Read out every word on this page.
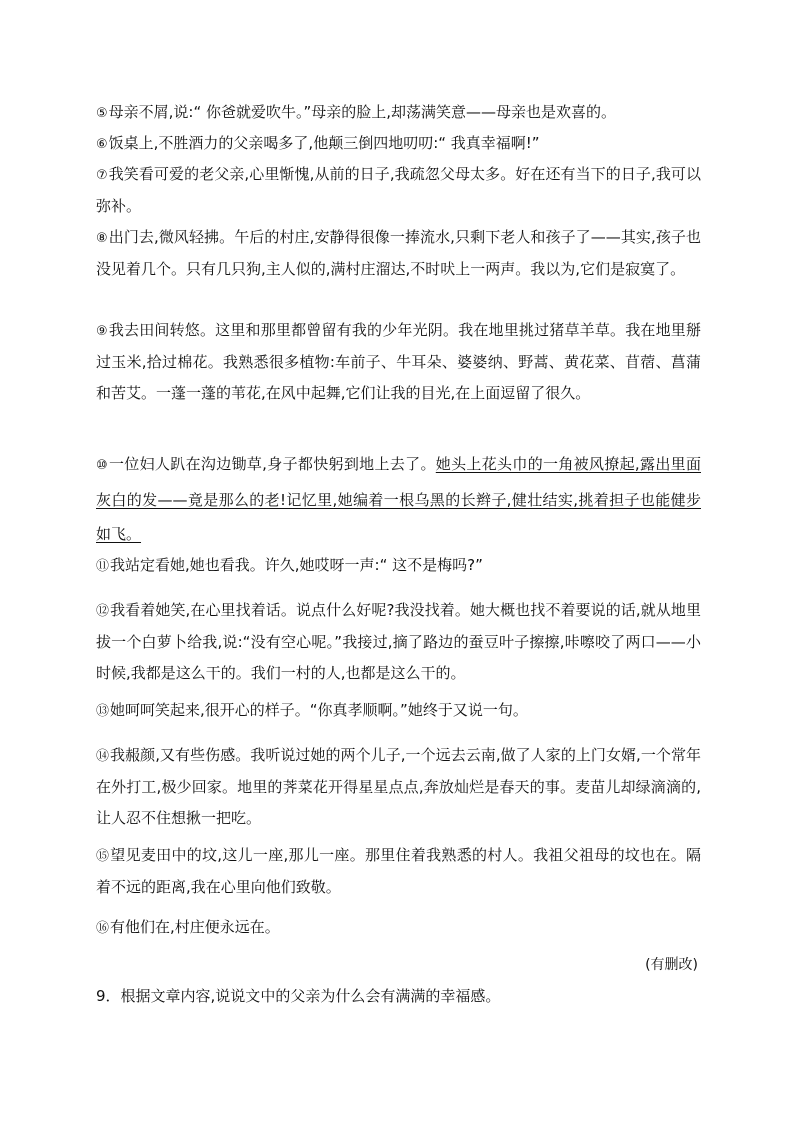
⑤母亲不屑,说:“ 你爸就爱吹牛。”母亲的脸上,却荡满笑意——母亲也是欢喜的。

⑥饭桌上,不胜酒力的父亲喝多了,他颠三倒四地叨叨:“ 我真幸福啊!”

⑦我笑看可爱的老父亲,心里惭愧,从前的日子,我疏忽父母太多。好在还有当下的日子,我可以弥补。

⑧出门去,微风轻拂。午后的村庄,安静得很像一捧流水,只剩下老人和孩子了——其实,孩子也没见着几个。只有几只狗,主人似的,满村庄溜达,不时吠上一两声。我以为,它们是寂寞了。

⑨我去田间转悠。这里和那里都曾留有我的少年光阴。我在地里挑过猪草羊草。我在地里掰过玉米,拾过棉花。我熟悉很多植物:车前子、牛耳朵、婆婆纳、野蒿、黄花菜、苜蓿、菖蒲和苦艾。一蓬一蓬的苇花,在风中起舞,它们让我的目光,在上面逗留了很久。

⑩一位妇人趴在沟边锄草,身子都快躬到地上去了。她头上花头巾的一角被风撩起,露出里面灰白的发——竟是那么的老!记忆里,她编着一根乌黑的长辫子,健壮结实,挑着担子也能健步如飞。

⑪我站定看她,她也看我。许久,她哎呀一声:“ 这不是梅吗?”

⑫我看着她笑,在心里找着话。说点什么好呢?我没找着。她大概也找不着要说的话,就从地里拔一个白萝卜给我,说:“没有空心呢。”我接过,摘了路边的蚕豆叶子擦擦,咔嚓咬了两口——小时候,我都是这么干的。我们一村的人,也都是这么干的。

⑬她呵呵笑起来,很开心的样子。“你真孝顺啊。”她终于又说一句。

⑭我赧颜,又有些伤感。我听说过她的两个儿子,一个远去云南,做了人家的上门女婿,一个常年在外打工,极少回家。地里的荠菜花开得星星点点,奔放灿烂是春天的事。麦苗儿却绿滴滴的,让人忍不住想揪一把吃。

⑮望见麦田中的坟,这儿一座,那儿一座。那里住着我熟悉的村人。我祖父祖母的坟也在。隔着不远的距离,我在心里向他们致敬。

⑯有他们在,村庄便永远在。

(有删改)
9．根据文章内容,说说文中的父亲为什么会有满满的幸福感。
